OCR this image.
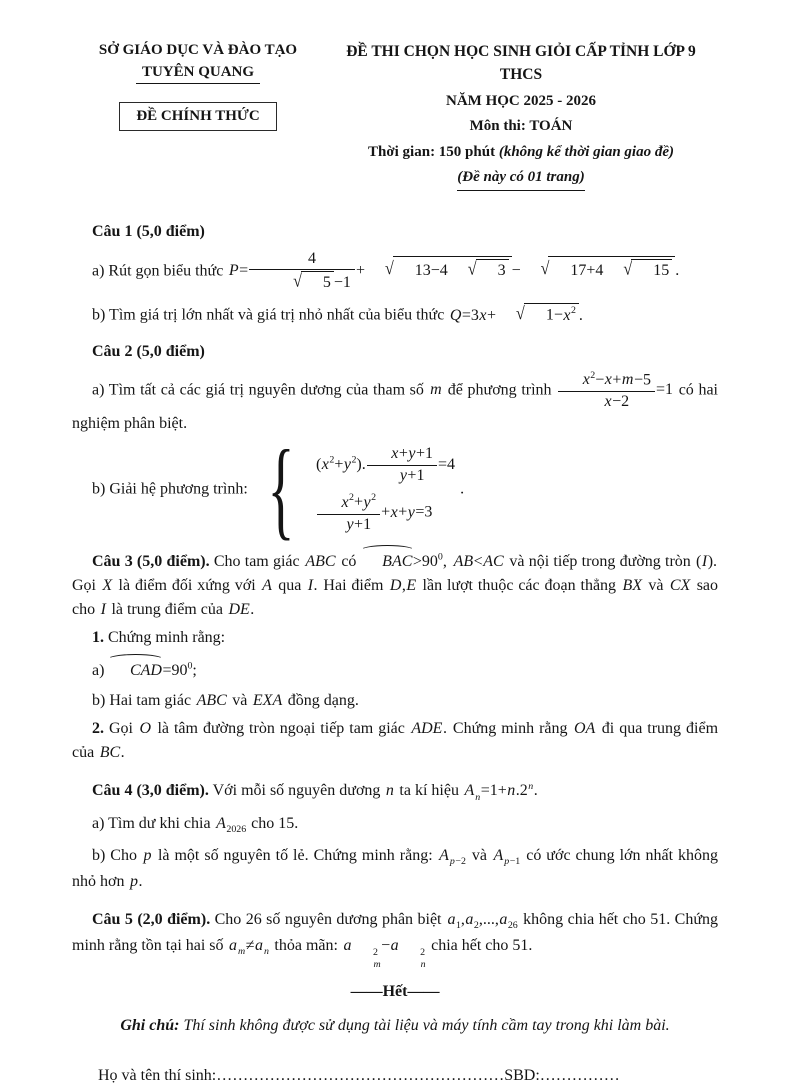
SỞ GIÁO DỤC VÀ ĐÀO TẠO
TUYÊN QUANG
ĐỀ CHÍNH THỨC
ĐỀ THI CHỌN HỌC SINH GIỎI CẤP TỈNH LỚP 9 THCS
NĂM HỌC 2025 - 2026
Môn thi: TOÁN
Thời gian: 150 phút (không kể thời gian giao đề)
(Đề này có 01 trang)
Câu 1 (5,0 điểm)
a) Rút gọn biểu thức $P= \frac{4}{√ 5 -1}$ + √ 13−4 √ 3 − √ 17+4 √ 15 .
b) Tìm giá trị lớn nhất và giá trị nhỏ nhất của biểu thức Q=3x+ √ $1-x^2$ .
Câu 2 (5,0 điểm)
a) Tìm tất cả các giá trị nguyên dương của tham số m để phương trình $\frac{x^2-x+m-5}{x-2} =1$ có hai nghiệm phân biệt.
b) Giải hệ phương trình: {	$(x^2+y^2)$. $\frac{x+y+1}{y+1} =4$
$\frac{x^2+y^2}{y+1} +x+y=3$
.
Câu 3 (5,0 điểm). Cho tam giác ABC có $BAC>90^0$, AB<AC và nội tiếp trong đường tròn (I). Gọi X là điểm đối xứng với A qua I. Hai điểm D,E lần lượt thuộc các đoạn thẳng BX và CX sao cho I là trung điểm của DE.
1. Chứng minh rằng:
a) $CAD=90^0$;
b) Hai tam giác ABC và EXA đồng dạng.
2. Gọi O là tâm đường tròn ngoại tiếp tam giác ADE. Chứng minh rằng OA đi qua trung điểm của BC.
Câu 4 (3,0 điểm). Với mỗi số nguyên dương n ta kí hiệu $A_n=1+n.2^n$.
a) Tìm dư khi chia $A_{2026}$ cho 15.
b) Cho p là một số nguyên tố lẻ. Chứng minh rằng: $A_{p-2}$ và $A_{p-1}$ có ước chung lớn nhất không nhỏ hơn p.
Câu 5 (2,0 điểm). Cho 26 số nguyên dương phân biệt $a_1,a_2,...,a_{26}$ không chia hết cho 51. Chứng minh rằng tồn tại hai số $a_m\ne a_n$ thỏa mãn: a	2
m
−a	2
n
chia hết cho 51.
——Hết——
Ghi chú: Thí sinh không được sử dụng tài liệu và máy tính cầm tay trong khi làm bài.
Họ và tên thí sinh:………………………………………………SBD:……………
